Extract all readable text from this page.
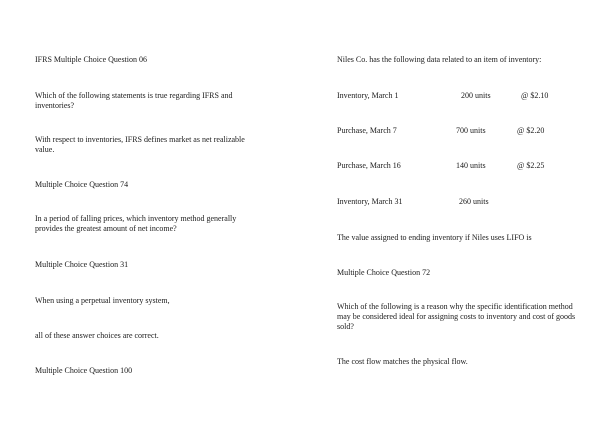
IFRS Multiple Choice Question 06

Which of the following statements is true regarding IFRS and inventories?

With respect to inventories, IFRS defines market as net realizable value.

Multiple Choice Question 74

In a period of falling prices, which inventory method generally provides the greatest amount of net income?

Multiple Choice Question 31

When using a perpetual inventory system,

all of these answer choices are correct.

Multiple Choice Question 100

Niles Co. has the following data related to an item of inventory:

Inventory, March 1	200 units	@ $2.10

Purchase, March 7	700 units	@ $2.20

Purchase, March 16	140 units	@ $2.25

Inventory, March 31	260 units

The value assigned to ending inventory if Niles uses LIFO is

Multiple Choice Question 72

Which of the following is a reason why the specific identification method may be considered ideal for assigning costs to inventory and cost of goods sold?

The cost flow matches the physical flow.
